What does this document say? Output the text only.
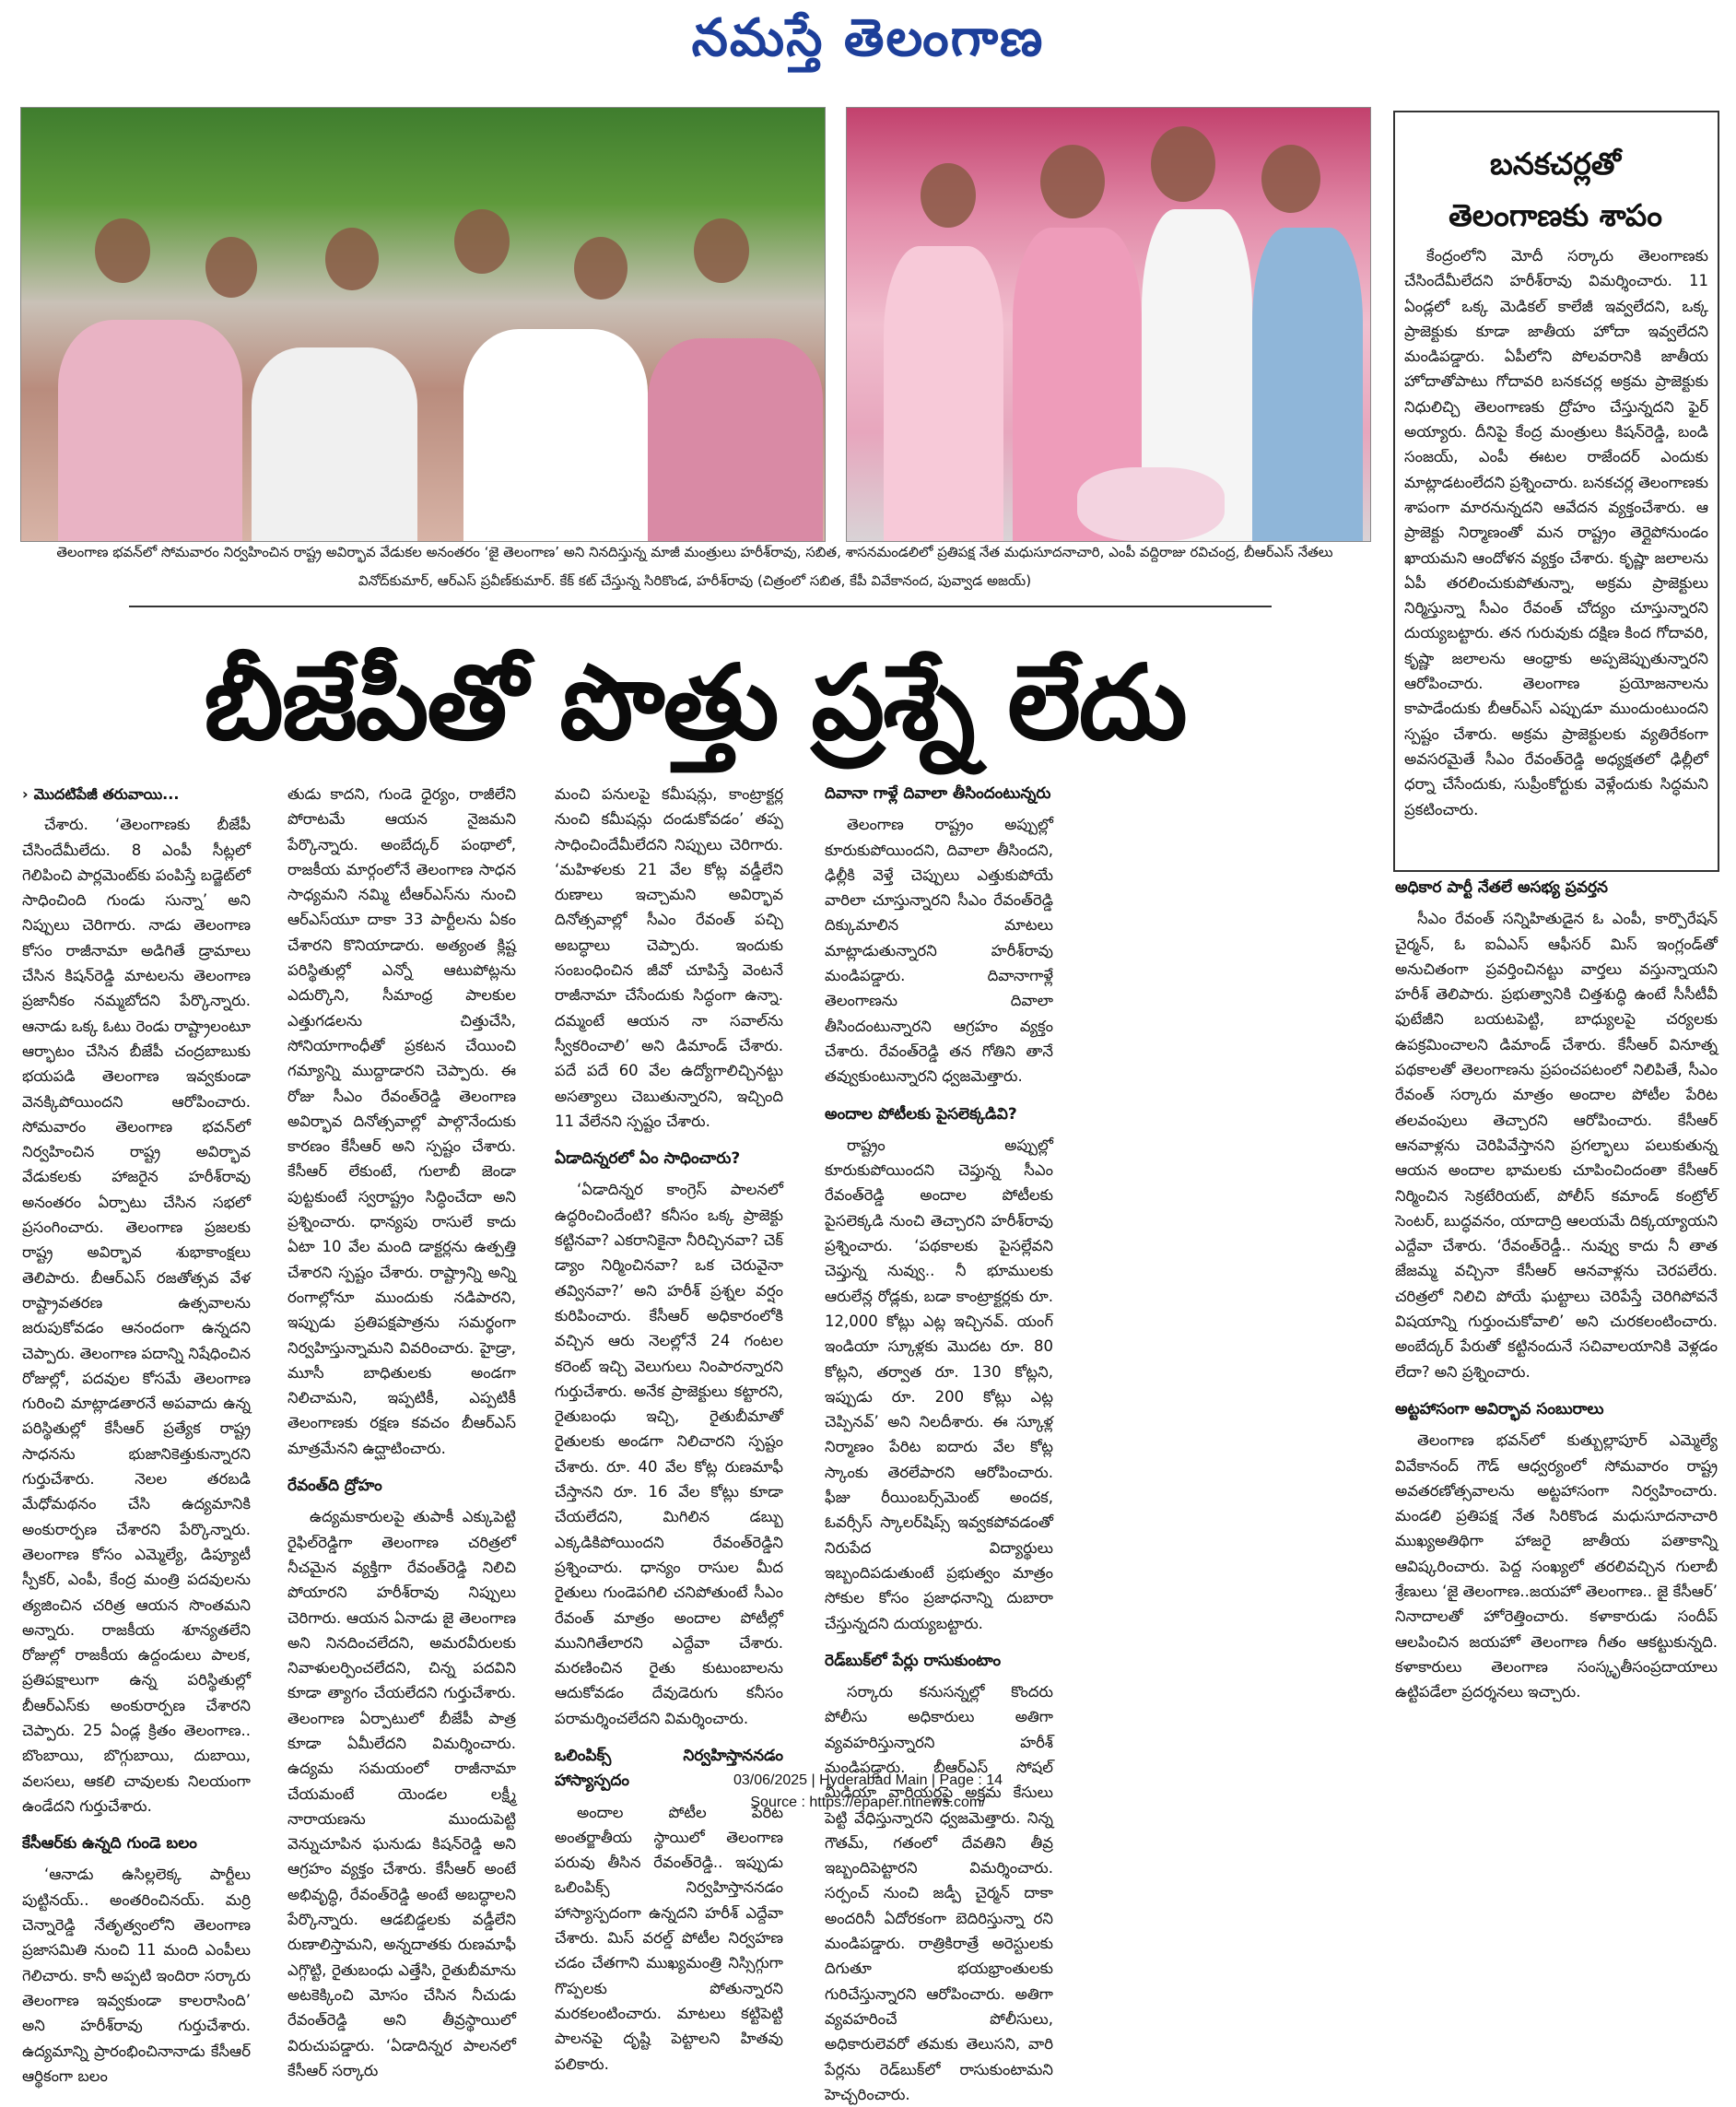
నమస్తే తెలంగాణ
తెలంగాణ భవన్‌లో సోమవారం నిర్వహించిన రాష్ట్ర అవిర్భావ వేడుకల అనంతరం ‘జై తెలంగాణ’ అని నినదిస్తున్న మాజీ మంత్రులు హరీశ్‌రావు, సబిత, శాసనమండలిలో ప్రతిపక్ష నేత మధుసూదనాచారి, ఎంపీ వద్దిరాజు రవిచంద్ర, బీఆర్‌ఎస్ నేతలు వినోద్‌కుమార్, ఆర్‌ఎస్ ప్రవీణ్‌కుమార్. కేక్ కట్ చేస్తున్న సిరికొండ, హరీశ్‌రావు (చిత్రంలో సబిత, కేపీ వివేకానంద, పువ్వాడ అజయ్)
బీజేపీతో పొత్తు ప్రశ్నే లేదు
› మొదటిపేజీ తరువాయి...

చేశారు. ‘తెలంగాణకు బీజేపీ చేసిందేమీలేదు. 8 ఎంపీ సీట్లలో గెలిపించి పార్లమెంట్‌కు పంపిస్తే బడ్జెట్‌లో సాధించింది గుండు సున్నా’ అని నిప్పులు చెరిగారు. నాడు తెలంగాణ కోసం రాజీనామా అడిగితే డ్రామాలు చేసిన కిషన్‌రెడ్డి మాటలను తెలంగాణ ప్రజానీకం నమ్మబోదని పేర్కొన్నారు. ఆనాడు ఒక్క ఓటు రెండు రాష్ట్రాలంటూ ఆర్భాటం చేసిన బీజేపీ చంద్రబాబుకు భయపడి తెలంగాణ ఇవ్వకుండా వెనక్కిపోయిందని ఆరోపించారు. సోమవారం తెలంగాణ భవన్‌లో నిర్వహించిన రాష్ట్ర అవిర్భావ వేడుకలకు హాజరైన హరీశ్‌రావు అనంతరం ఏర్పాటు చేసిన సభలో ప్రసంగించారు. తెలంగాణ ప్రజలకు రాష్ట్ర అవిర్భావ శుభాకాంక్షలు తెలిపారు. బీఆర్‌ఎస్ రజతోత్సవ వేళ రాష్ట్రావతరణ ఉత్సవాలను జరుపుకోవడం ఆనందంగా ఉన్నదని చెప్పారు. తెలంగాణ పదాన్ని నిషేధించిన రోజుల్లో, పదవుల కోసమే తెలంగాణ గురించి మాట్లాడతారనే అపవాదు ఉన్న పరిస్థితుల్లో కేసీఆర్ ప్రత్యేక రాష్ట్ర సాధనను భుజానికెత్తుకున్నారని గుర్తుచేశారు. నెలల తరబడి మేధోమథనం చేసి ఉద్యమానికి అంకురార్పణ చేశారని పేర్కొన్నారు. తెలంగాణ కోసం ఎమ్మెల్యే, డిప్యూటీ స్పీకర్, ఎంపీ, కేంద్ర మంత్రి పదవులను త్యజించిన చరిత్ర ఆయన సొంతమని అన్నారు. రాజకీయ శూన్యతలేని రోజుల్లో రాజకీయ ఉద్దండులు పాలక, ప్రతిపక్షాలుగా ఉన్న పరిస్థితుల్లో బీఆర్‌ఎస్‌కు అంకురార్పణ చేశారని చెప్పారు. 25 ఏండ్ల క్రితం తెలంగాణ.. బొంబాయి, బొగ్గుబాయి, దుబాయి, వలసలు, ఆకలి చావులకు నిలయంగా ఉండేదని గుర్తుచేశారు.

కేసీఆర్‌కు ఉన్నది గుండె బలం

‘ఆనాడు ఉసిల్లలెక్క పార్టీలు పుట్టినయ్.. అంతరించినయ్. మర్రి చెన్నారెడ్డి నేతృత్వంలోని తెలంగాణ ప్రజాసమితి నుంచి 11 మంది ఎంపీలు గెలిచారు. కానీ అప్పటి ఇందిరా సర్కారు తెలంగాణ ఇవ్వకుండా కాలరాసింది’ అని హరీశ్‌రావు గుర్తుచేశారు. ఉద్యమాన్ని ప్రారంభించినానాడు కేసీఆర్ ఆర్థికంగా బలం

తుడు కాదని, గుండె ధైర్యం, రాజీలేని పోరాటమే ఆయన నైజమని పేర్కొన్నారు. అంబేద్కర్ పంథాలో, రాజకీయ మార్గంలోనే తెలంగాణ సాధన సాధ్యమని నమ్మి టీఆర్‌ఎస్‌ను నుంచి ఆర్‌ఎస్‌యూ దాకా 33 పార్టీలను ఏకం చేశారని కొనియాడారు. అత్యంత క్లిష్ట పరిస్థితుల్లో ఎన్నో ఆటుపోట్లను ఎదుర్కొని, సీమాంధ్ర పాలకుల ఎత్తుగడలను చిత్తుచేసి, సోనియాగాంధీతో ప్రకటన చేయించి గమ్యాన్ని ముద్దాడారని చెప్పారు. ఈ రోజు సీఎం రేవంత్‌రెడ్డి తెలంగాణ అవిర్భావ దినోత్సవాల్లో పాల్గొనేందుకు కారణం కేసీఆర్ అని స్పష్టం చేశారు. కేసీఆర్ లేకుంటే, గులాబీ జెండా పుట్టకుంటే స్వరాష్ట్రం సిద్ధించేదా అని ప్రశ్నించారు. ధాన్యపు రాసులే కాదు ఏటా 10 వేల మంది డాక్టర్లను ఉత్పత్తి చేశారని స్పష్టం చేశారు. రాష్ట్రాన్ని అన్ని రంగాల్లోనూ ముందుకు నడిపారని, ఇప్పుడు ప్రతిపక్షపాత్రను సమర్థంగా నిర్వహిస్తున్నామని వివరించారు. హైడ్రా, మూసీ బాధితులకు అండగా నిలిచామని, ఇప్పటికీ, ఎప్పటికీ తెలంగాణకు రక్షణ కవచం బీఆర్‌ఎస్ మాత్రమేనని ఉద్ఘాటించారు.

రేవంత్‌ది ద్రోహం

ఉద్యమకారులపై తుపాకీ ఎక్కుపెట్టి రైఫిల్‌రెడ్డిగా తెలంగాణ చరిత్రలో నీచమైన వ్యక్తిగా రేవంత్‌రెడ్డి నిలిచి పోయారని హరీశ్‌రావు నిప్పులు చెరిగారు. ఆయన ఏనాడు జై తెలంగాణ అని నినదించలేదని, అమరవీరులకు నివాళులర్పించలేదని, చిన్న పదవిని కూడా త్యాగం చేయలేదని గుర్తుచేశారు. తెలంగాణ ఏర్పాటులో బీజేపీ పాత్ర కూడా ఏమీలేదని విమర్శించారు. ఉద్యమ సమయంలో రాజీనామా చేయమంటే యెండల లక్ష్మీ నారాయణను ముందుపెట్టి వెన్నుచూపిన ఘనుడు కిషన్‌రెడ్డి అని ఆగ్రహం వ్యక్తం చేశారు. కేసీఆర్ అంటే అభివృద్ధి, రేవంత్‌రెడ్డి అంటే అబద్ధాలని పేర్కొన్నారు. ఆడబిడ్డలకు వడ్డీలేని రుణాలిస్తామని, అన్నదాతకు రుణమాఫీ ఎగ్గొట్టి, రైతుబంధు ఎత్తేసి, రైతుబీమాను అటకెక్కించి మోసం చేసిన నీచుడు రేవంత్‌రెడ్డి అని తీవ్రస్థాయిలో విరుచుపడ్డారు. ‘ఏడాదిన్నర పాలనలో కేసీఆర్ సర్కారు

మంచి పనులపై కమీషన్లు, కాంట్రాక్టర్ల నుంచి కమీషన్లు దండుకోవడం’ తప్ప సాధించిందేమీలేదని నిప్పులు చెరిగారు. ‘మహిళలకు 21 వేల కోట్ల వడ్డీలేని రుణాలు ఇచ్చామని అవిర్భావ దినోత్సవాల్లో సీఎం రేవంత్ పచ్చి అబద్ధాలు చెప్పారు. ఇందుకు సంబంధించిన జీవో చూపిస్తే వెంటనే రాజీనామా చేసేందుకు సిద్ధంగా ఉన్నా. దమ్మంటే ఆయన నా సవాల్‌ను స్వీకరించాలి’ అని డిమాండ్ చేశారు. పదే పదే 60 వేల ఉద్యోగాలిచ్చినట్టు అసత్యాలు చెబుతున్నారని, ఇచ్చింది 11 వేలేనని స్పష్టం చేశారు.

ఏడాదిన్నరలో ఏం సాధించారు?

‘ఏడాదిన్నర కాంగ్రెస్ పాలనలో ఉద్ధరించిందేంటి? కనీసం ఒక్క ప్రాజెక్టు కట్టినవా? ఎకరానికైనా నీరిచ్చినవా? చెక్ డ్యాం నిర్మించినవా? ఒక చెరువైనా తవ్వినవా?’ అని హరీశ్ ప్రశ్నల వర్షం కురిపించారు. కేసీఆర్ అధికారంలోకి వచ్చిన ఆరు నెలల్లోనే 24 గంటల కరెంట్ ఇచ్చి వెలుగులు నింపారన్నారని గుర్తుచేశారు. అనేక ప్రాజెక్టులు కట్టారని, రైతుబంధు ఇచ్చి, రైతుబీమాతో రైతులకు అండగా నిలిచారని స్పష్టం చేశారు. రూ. 40 వేల కోట్ల రుణమాఫీ చేస్తానని రూ. 16 వేల కోట్లు కూడా చేయలేదని, మిగిలిన డబ్బు ఎక్కడికిపోయిందని రేవంత్‌రెడ్డిని ప్రశ్నించారు. ధాన్యం రాసుల మీద రైతులు గుండెపగిలి చనిపోతుంటే సీఎం రేవంత్ మాత్రం అందాల పోటీల్లో మునిగితేలారని ఎద్దేవా చేశారు. మరణించిన రైతు కుటుంబాలను ఆదుకోవడం దేవుడెరుగు కనీసం పరామర్శించలేదని విమర్శించారు.

ఒలింపిక్స్ నిర్వహిస్తాననడం హాస్యాస్పదం

అందాల పోటీల పేరిట అంతర్జాతీయ స్థాయిలో తెలంగాణ పరువు తీసిన రేవంత్‌రెడ్డి.. ఇప్పుడు ఒలింపిక్స్ నిర్వహిస్తాననడం హాస్యాస్పదంగా ఉన్నదని హరీశ్ ఎద్దేవా చేశారు. మిస్ వరల్డ్ పోటీల నిర్వహణ చడం చేతగాని ముఖ్యమంత్రి నిస్సిగ్గుగా గొప్పలకు పోతున్నారని మరకలంటించారు. మాటలు కట్టిపెట్టి పాలనపై దృష్టి పెట్టాలని హితవు పలికారు.

దివానా గాళ్లే దివాలా తీసిందంటున్నరు

తెలంగాణ రాష్ట్రం అప్పుల్లో కూరుకుపోయిందని, దివాలా తీసిందని, ఢిల్లీకి వెళ్తే చెప్పులు ఎత్తుకుపోయే వారిలా చూస్తున్నారని సీఎం రేవంత్‌రెడ్డి దిక్కుమాలిన మాటలు మాట్లాడుతున్నారని హరీశ్‌రావు మండిపడ్డారు. దివానాగాళ్లే తెలంగాణను దివాలా తీసిందంటున్నారని ఆగ్రహం వ్యక్తం చేశారు. రేవంత్‌రెడ్డి తన గోతిని తానే తవ్వుకుంటున్నారని ధ్వజమెత్తారు.

అందాల పోటీలకు పైసలెక్కడివి?

రాష్ట్రం అప్పుల్లో కూరుకుపోయిందని చెప్తున్న సీఎం రేవంత్‌రెడ్డి అందాల పోటీలకు పైసలెక్కడి నుంచి తెచ్చారని హరీశ్‌రావు ప్రశ్నించారు. ‘పథకాలకు పైసల్లేవని చెప్తున్న నువ్వు.. నీ భూములకు ఆరులేన్ల రోడ్లకు, బడా కాంట్రాక్టర్లకు రూ. 12,000 కోట్లు ఎట్ల ఇచ్చినవ్. యంగ్ ఇండియా స్కూళ్లకు మొదట రూ. 80 కోట్లని, తర్వాత రూ. 130 కోట్లని, ఇప్పుడు రూ. 200 కోట్లు ఎట్ల చెప్పినవ్’ అని నిలదీశారు. ఈ స్కూళ్ల నిర్మాణం పేరిట ఐదారు వేల కోట్ల స్కాంకు తెరలేపారని ఆరోపించారు. ఫీజు రీయింబర్స్‌మెంట్ అందక, ఓవర్సీస్ స్కాలర్‌షిప్స్ ఇవ్వకపోవడంతో నిరుపేద విద్యార్థులు ఇబ్బందిపడుతుంటే ప్రభుత్వం మాత్రం సోకుల కోసం ప్రజాధనాన్ని దుబారా చేస్తున్నదని దుయ్యబట్టారు.

రెడ్‌బుక్‌లో పేర్లు రాసుకుంటాం

సర్కారు కనుసన్నల్లో కొందరు పోలీసు అధికారులు అతిగా వ్యవహరిస్తున్నారని హరీశ్ మండిపడ్డారు. బీఆర్‌ఎస్ సోషల్ మీడియా వారియర్లపై అక్రమ కేసులు పెట్టి వేధిస్తున్నారని ధ్వజమెత్తారు. నిన్న గౌతమ్, గతంలో దేవతిని తీవ్ర ఇబ్బందిపెట్టారని విమర్శించారు. సర్పంచ్ నుంచి జడ్పీ చైర్మన్ దాకా అందరినీ ఏదోరకంగా బెదిరిస్తున్నా రని మండిపడ్డారు. రాత్రికిరాత్రే అరెస్టులకు దిగుతూ భయభ్రాంతులకు గురిచేస్తున్నారని ఆరోపించారు. అతిగా వ్యవహరించే పోలీసులు, అధికారులెవరో తమకు తెలుసని, వారి పేర్లను రెడ్‌బుక్‌లో రాసుకుంటామని హెచ్చరించారు.

బనకచర్లతో
తెలంగాణకు శాపం

కేంద్రంలోని మోదీ సర్కారు తెలంగాణకు చేసిందేమీలేదని హరీశ్‌రావు విమర్శించారు. 11 ఏండ్లలో ఒక్క మెడికల్ కాలేజీ ఇవ్వలేదని, ఒక్క ప్రాజెక్టుకు కూడా జాతీయ హోదా ఇవ్వలేదని మండిపడ్డారు. ఏపీలోని పోలవరానికి జాతీయ హోదాతోపాటు గోదావరి బనకచర్ల అక్రమ ప్రాజెక్టుకు నిధులిచ్చి తెలంగాణకు ద్రోహం చేస్తున్నదని ఫైర్ అయ్యారు. దీనిపై కేంద్ర మంత్రులు కిషన్‌రెడ్డి, బండి సంజయ్, ఎంపీ ఈటల రాజేందర్ ఎందుకు మాట్లాడటంలేదని ప్రశ్నించారు. బనకచర్ల తెలంగాణకు శాపంగా మారనున్నదని ఆవేదన వ్యక్తంచేశారు. ఆ ప్రాజెక్టు నిర్మాణంతో మన రాష్ట్రం తెర్లైపోనుండం ఖాయమని ఆందోళన వ్యక్తం చేశారు. కృష్ణా జలాలను ఏపీ తరలించుకుపోతున్నా, అక్రమ ప్రాజెక్టులు నిర్మిస్తున్నా సీఎం రేవంత్ చోద్యం చూస్తున్నారని దుయ్యబట్టారు. తన గురువుకు దక్షిణ కింద గోదావరి, కృష్ణా జలాలను ఆంధ్రాకు అప్పజెప్పుతున్నారని ఆరోపించారు. తెలంగాణ ప్రయోజనాలను కాపాడేందుకు బీఆర్‌ఎస్ ఎప్పుడూ ముందుంటుందని స్పష్టం చేశారు. అక్రమ ప్రాజెక్టులకు వ్యతిరేకంగా అవసరమైతే సీఎం రేవంత్‌రెడ్డి అధ్యక్షతలో ఢిల్లీలో ధర్నా చేసేందుకు, సుప్రీంకోర్టుకు వెళ్లేందుకు సిద్ధమని ప్రకటించారు.

అధికార పార్టీ నేతలే అసభ్య ప్రవర్తన

సీఎం రేవంత్ సన్నిహితుడైన ఓ ఎంపీ, కార్పొరేషన్ చైర్మన్, ఓ ఐఏఎస్ ఆఫీసర్ మిస్ ఇంగ్లండ్‌తో అనుచితంగా ప్రవర్తించినట్టు వార్తలు వస్తున్నాయని హరీశ్ తెలిపారు. ప్రభుత్వానికి చిత్తశుద్ధి ఉంటే సీసీటీవీ ఫుటేజీని బయటపెట్టి, బాధ్యులపై చర్యలకు ఉపక్రమించాలని డిమాండ్ చేశారు. కేసీఆర్ వినూత్న పథకాలతో తెలంగాణను ప్రపంచపటంలో నిలిపితే, సీఎం రేవంత్ సర్కారు మాత్రం అందాల పోటీల పేరిట తలవంపులు తెచ్చారని ఆరోపించారు. కేసీఆర్ ఆనవాళ్లను చెరిపివేస్తానని ప్రగల్భాలు పలుకుతున్న ఆయన అందాల భామలకు చూపించిందంతా కేసీఆర్ నిర్మించిన సెక్రటేరియట్, పోలీస్ కమాండ్ కంట్రోల్ సెంటర్, బుద్ధవనం, యాదాద్రి ఆలయమే దిక్కయ్యాయని ఎద్దేవా చేశారు. ‘రేవంత్‌రెడ్డీ.. నువ్వు కాదు నీ తాత జేజమ్మ వచ్చినా కేసీఆర్ ఆనవాళ్లను చెరపలేరు. చరిత్రలో నిలిచి పోయే ఘట్టాలు చెరిపేస్తే చెరిగిపోవనే విషయాన్ని గుర్తుంచుకోవాలి’ అని చురకలంటించారు. అంబేద్కర్ పేరుతో కట్టినందునే సచివాలయానికి వెళ్లడం లేదా? అని ప్రశ్నించారు.

అట్టహాసంగా అవిర్భావ సంబురాలు

తెలంగాణ భవన్‌లో కుత్బుల్లాపూర్ ఎమ్మెల్యే వివేకానంద్ గౌడ్ ఆధ్వర్యంలో సోమవారం రాష్ట్ర అవతరణోత్సవాలను అట్టహాసంగా నిర్వహించారు. మండలి ప్రతిపక్ష నేత సిరికొండ మధుసూదనాచారి ముఖ్యఅతిథిగా హాజరై జాతీయ పతాకాన్ని ఆవిష్కరించారు. పెద్ద సంఖ్యలో తరలివచ్చిన గులాబీ శ్రేణులు ‘జై తెలంగాణ..జయహో తెలంగాణ.. జై కేసీఆర్’ నినాదాలతో హోరెత్తించారు. కళాకారుడు సందీప్ ఆలపించిన జయహో తెలంగాణ గీతం ఆకట్టుకున్నది. కళాకారులు తెలంగాణ సంస్కృతీసంప్రదాయాలు ఉట్టిపడేలా ప్రదర్శనలు ఇచ్చారు.

03/06/2025 | Hyderabad Main | Page : 14
Source : https://epaper.ntnews.com/
